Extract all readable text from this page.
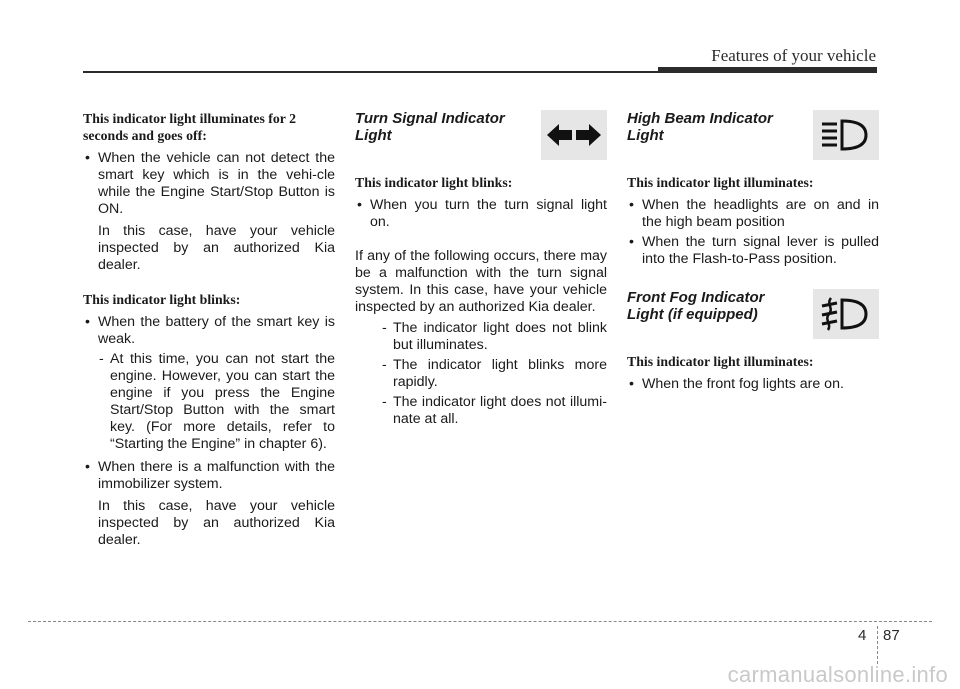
Features of your vehicle

This indicator light illuminates for 2 seconds and goes off:

• When the vehicle can not detect the smart key which is in the vehi-cle while the Engine Start/Stop Button is ON.
In this case, have your vehicle inspected by an authorized Kia dealer.

This indicator light blinks:

• When the battery of the smart key is weak.
- At this time, you can not start the engine. However, you can start the engine if you press the Engine Start/Stop Button with the smart key. (For more details, refer to “Starting the Engine” in chapter 6).
• When there is a malfunction with the immobilizer system.
In this case, have your vehicle inspected by an authorized Kia dealer.

Turn Signal Indicator Light

This indicator light blinks:

• When you turn the turn signal light on.

If any of the following occurs, there may be a malfunction with the turn signal system. In this case, have your vehicle inspected by an authorized Kia dealer.

- The indicator light does not blink but illuminates.
- The indicator light blinks more rapidly.
- The indicator light does not illumi-nate at all.

High Beam Indicator Light

This indicator light illuminates:

• When the headlights are on and in the high beam position
• When the turn signal lever is pulled into the Flash-to-Pass position.

Front Fog Indicator Light (if equipped)

This indicator light illuminates:

• When the front fog lights are on.
4 87
carmanualsonline.info
